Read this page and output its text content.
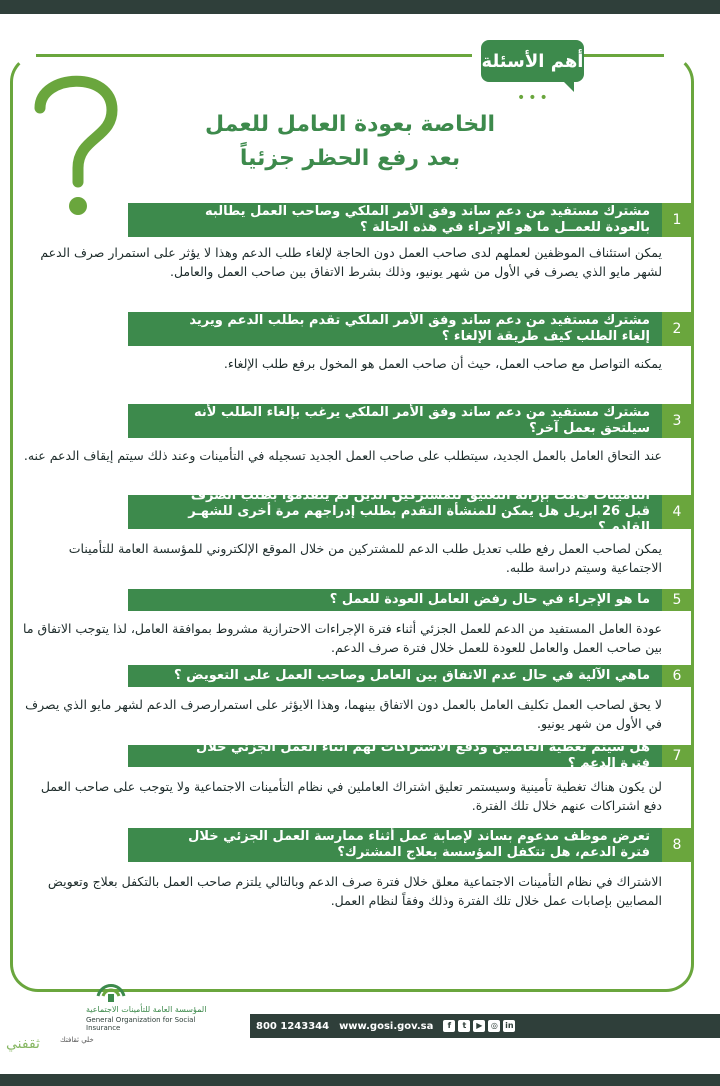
أهم الأسئلة
•••
الخاصة بعودة العامل للعمل
بعد رفع الحظر جزئياً
1
مشترك مستفيد من دعم ساند وفق الأمر الملكي وصاحب العمل يطالبه بالعودة للعمــل ما هو الإجراء في هذه الحالة ؟
يمكن استئناف الموظفين لعملهم لدى صاحب العمل دون الحاجة لإلغاء طلب الدعم وهذا لا يؤثر على استمرار صرف الدعم لشهر مايو الذي يصرف في الأول من شهر يونيو، وذلك بشرط الاتفاق بين صاحب العمل والعامل.
2
مشترك مستفيد من دعم ساند وفق الأمر الملكي تقدم بطلب الدعم ويريد إلغاء الطلب كيف طريقة الإلغاء ؟
يمكنه التواصل مع صاحب العمل، حيث أن صاحب العمل هو المخول برفع طلب الإلغاء.
3
مشترك مستفيد من دعم ساند وفق الأمر الملكي يرغب بإلغاء الطلب لأنه سيلتحق بعمل آخر؟
عند التحاق العامل بالعمل الجديد، سيتطلب على صاحب العمل الجديد تسجيله في التأمينات وعند ذلك سيتم إيقاف الدعم عنه.
4
التأمينات قامت بإزالة التعليق للمشتركين الذين لم يتقدموا بطلب الصرف قبل 26 ابريل هل يمكن للمنشأة التقدم بطلب إدراجهم مرة أخرى للشهـر القادم ؟
يمكن لصاحب العمل رفع طلب تعديل طلب الدعم للمشتركين من خلال الموقع الإلكتروني للمؤسسة العامة للتأمينات الاجتماعية وسيتم دراسة طلبه.
5
ما هو الإجراء في حال رفض العامل العودة للعمل ؟
عودة العامل المستفيد من الدعم للعمل الجزئي أثناء فترة الإجراءات الاحترازية مشروط بموافقة العامل، لذا يتوجب الاتفاق ما بين صاحب العمل والعامل للعودة للعمل خلال فترة صرف الدعم.
6
ماهي الآلية في حال عدم الاتفاق بين العامل وصاحب العمل على التعويض ؟
لا يحق لصاحب العمل تكليف العامل بالعمل دون الاتفاق بينهما، وهذا الايؤثر على استمرارصرف الدعم لشهر مايو الذي يصرف في الأول من شهر يونيو.
7
هل سيتم تغطية العاملين ودفع الاشتراكات لهم أثناء العمل الجزئي خلال فترة الدعم ؟
لن يكون هناك تغطية تأمينية وسيستمر تعليق اشتراك العاملين في نظام التأمينات الاجتماعية ولا يتوجب على صاحب العمل دفع اشتراكات عنهم خلال تلك الفترة.
8
تعرض موظف مدعوم بساند لإصابة عمل أثناء ممارسة العمل الجزئي خلال فترة الدعم، هل تتكفل المؤسسة بعلاج المشترك؟
الاشتراك في نظام التأمينات الاجتماعية معلق خلال فترة صرف الدعم وبالتالي يلتزم صاحب العمل بالتكفل بعلاج وتعويض المصابين بإصابات عمل خلال تلك الفترة وذلك وفقاً لنظام العمل.
المؤسسة العامة للتأمينات الاجتماعية
General Organization for Social Insurance	800 1243344 www.gosi.gov.sa	f	t	▶	◎ in
ثقفني	خلي ثقافتك
